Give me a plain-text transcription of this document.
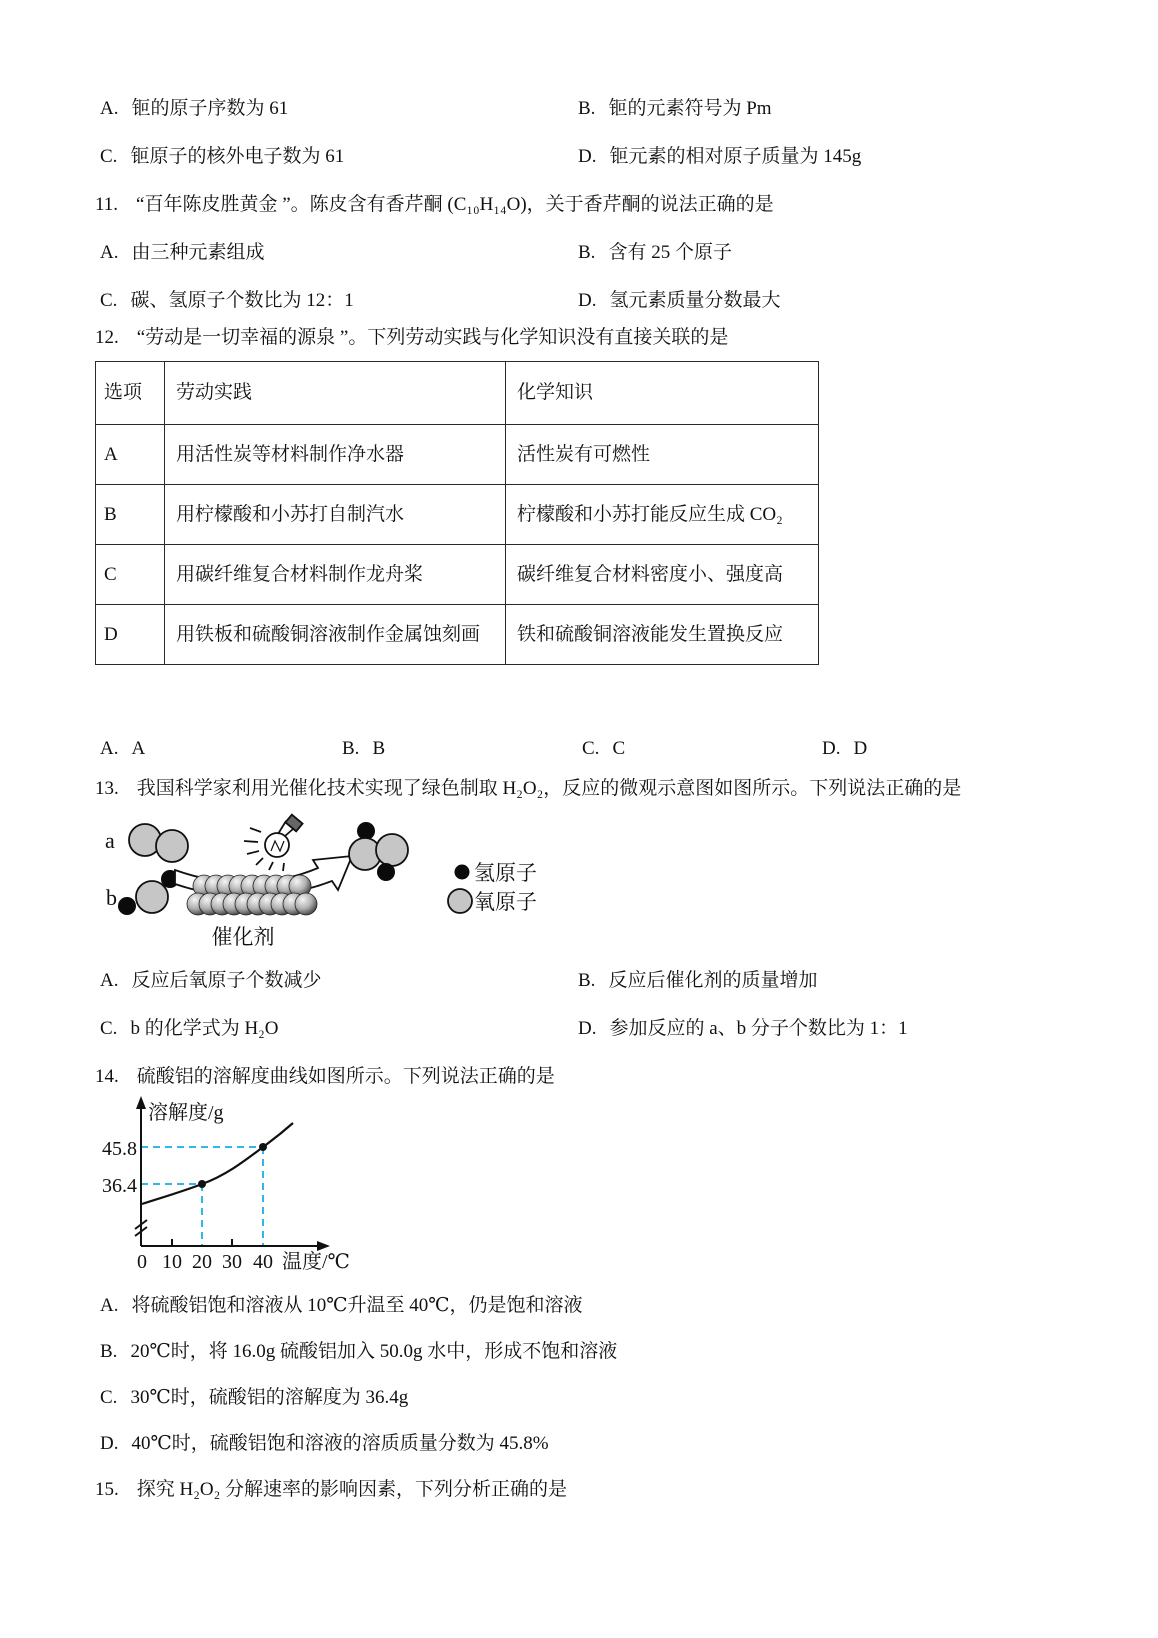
A. 钷的原子序数为 61	B. 钷的元素符号为 Pm
C. 钷原子的核外电子数为 61	D. 钷元素的相对原子质量为 145g
11. “百年陈皮胜黄金 ”。陈皮含有香芹酮 (C₁₀H₁₄O)，关于香芹酮的说法正确的是
A. 由三种元素组成	B. 含有 25 个原子
C. 碳、氢原子个数比为 12：1	D. 氢元素质量分数最大
12. “劳动是一切幸福的源泉 ”。下列劳动实践与化学知识没有直接关联的是
选项	劳动实践	化学知识
A	用活性炭等材料制作净水器	活性炭有可燃性
B	用柠檬酸和小苏打自制汽水	柠檬酸和小苏打能反应生成 CO₂
C	用碳纤维复合材料制作龙舟桨	碳纤维复合材料密度小、强度高
D	用铁板和硫酸铜溶液制作金属蚀刻画	铁和硫酸铜溶液能发生置换反应
A. A	B. B	C. C	D. D
13. 我国科学家利用光催化技术实现了绿色制取 H₂O₂，反应的微观示意图如图所示。下列说法正确的是
a
b
氢原子
氧原子
催化剂
A. 反应后氧原子个数减少	B. 反应后催化剂的质量增加
C. b 的化学式为 H₂O	D. 参加反应的 a、b 分子个数比为 1：1
14. 硫酸铝的溶解度曲线如图所示。下列说法正确的是
溶解度/g
45.8
36.4
0 10 20 30 40 温度/℃
A. 将硫酸铝饱和溶液从 10℃升温至 40℃，仍是饱和溶液
B. 20℃时，将 16.0g 硫酸铝加入 50.0g 水中，形成不饱和溶液
C. 30℃时，硫酸铝的溶解度为 36.4g
D. 40℃时，硫酸铝饱和溶液的溶质质量分数为 45.8%
15. 探究 H₂O₂ 分解速率的影响因素，下列分析正确的是
